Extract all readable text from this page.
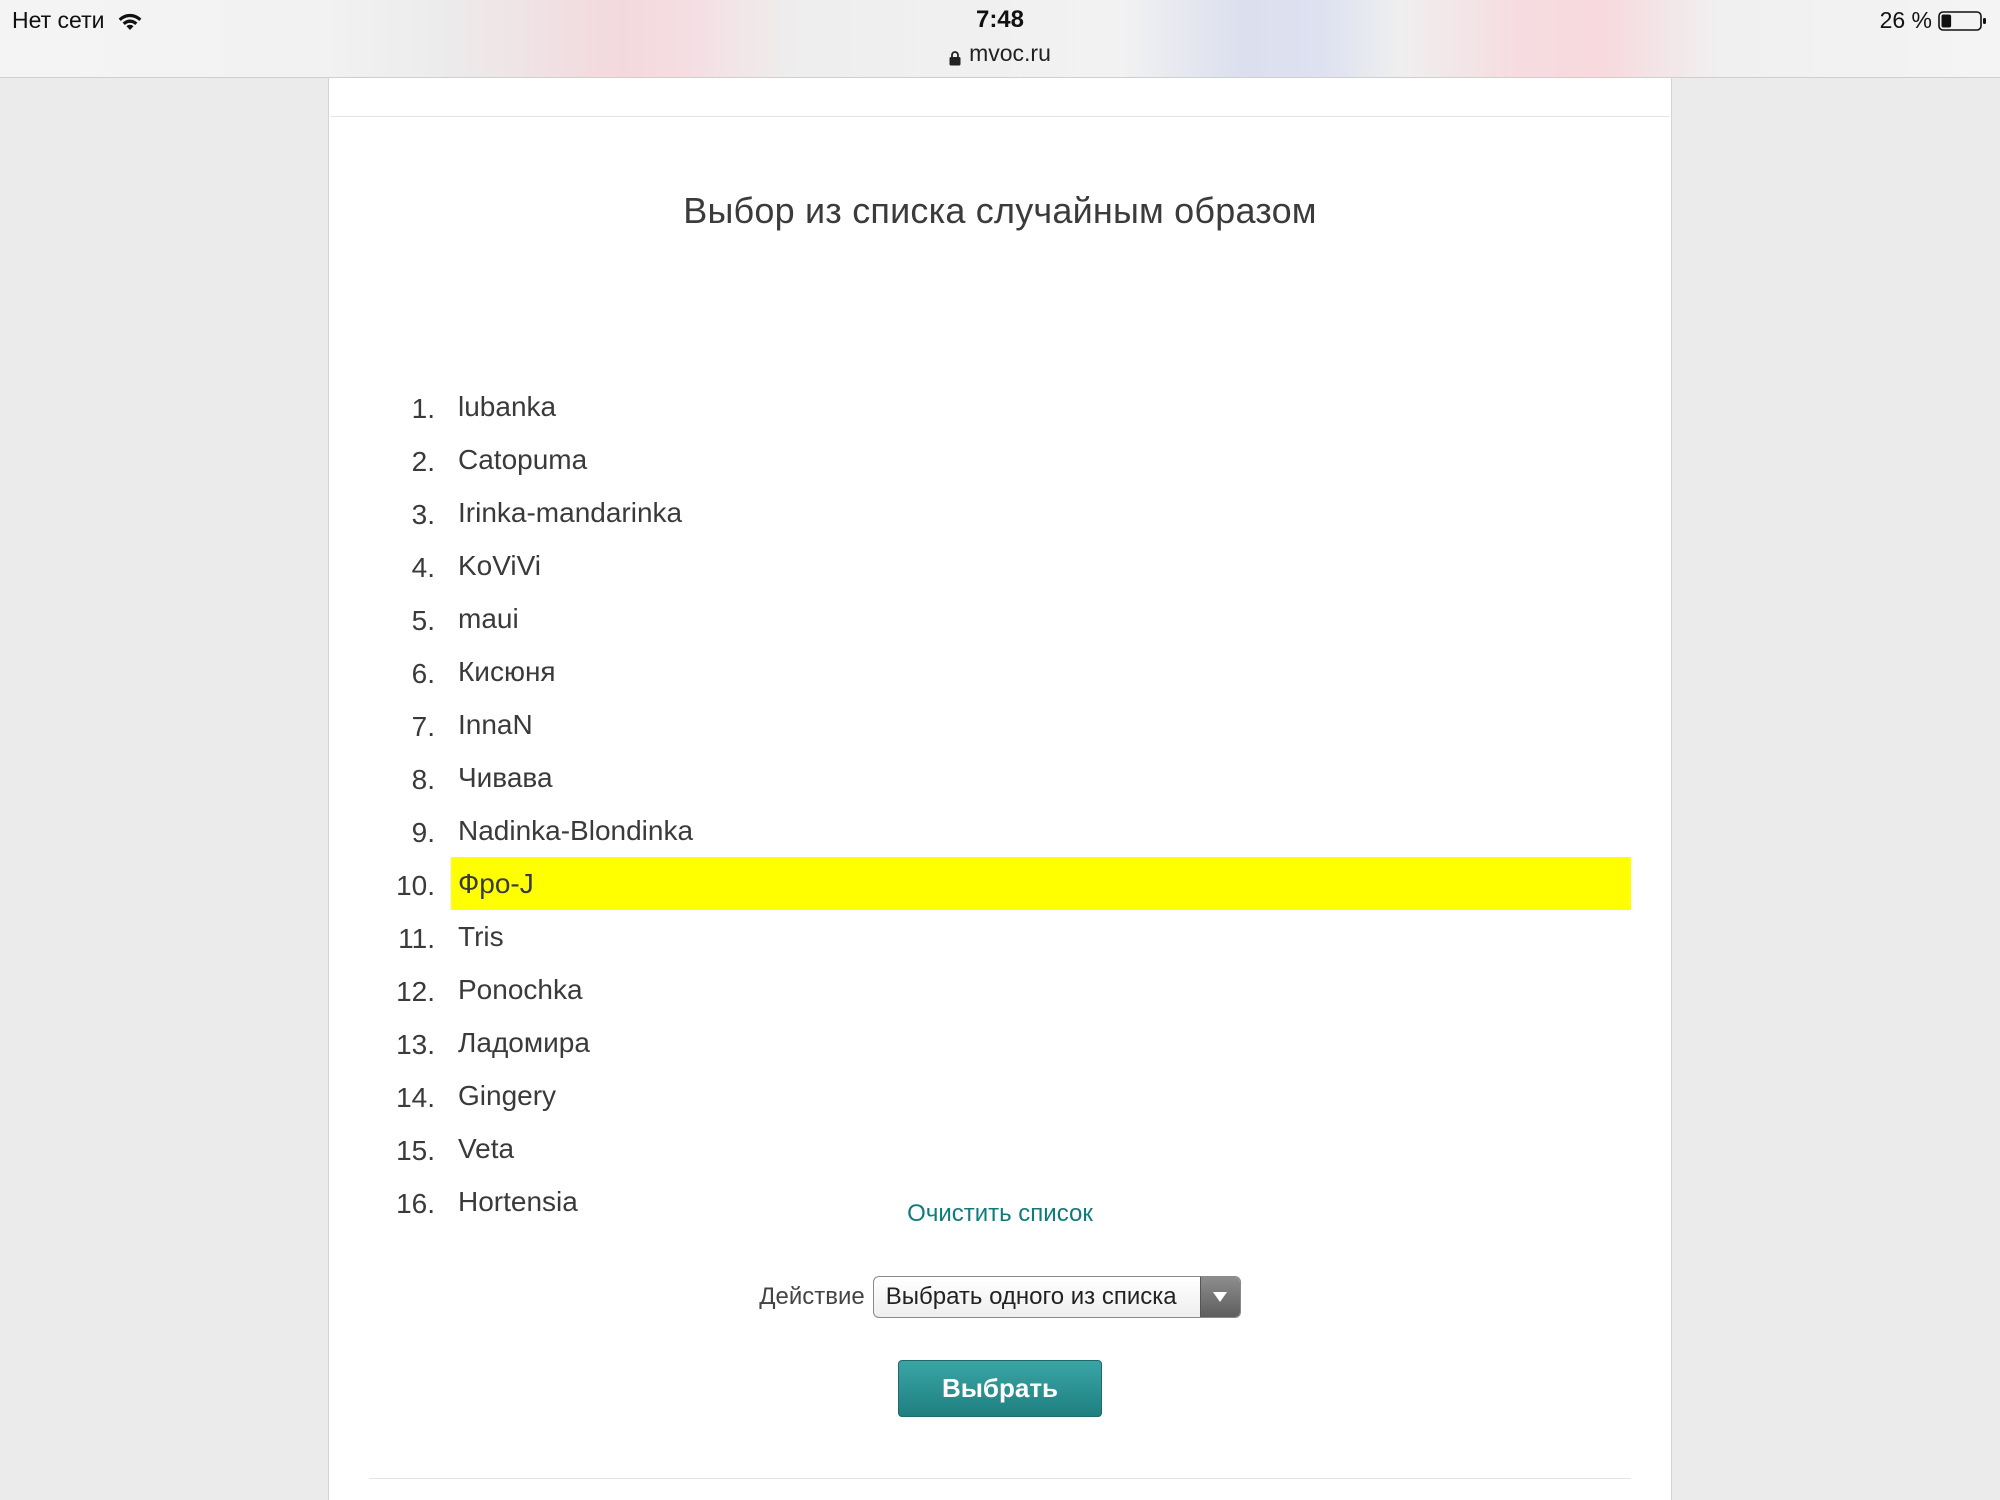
Нет сети	7:48
mvoc.ru
26 %
Выбор из списка случайным образом
1. lubanka
2. Catopuma
3. Irinka-mandarinka
4. KoViVi
5. maui
6. Кисюня
7. InnaN
8. Чивава
9. Nadinka-Blondinka
10. Фро-J
11. Tris
12. Ponochka
13. Ладомира
14. Gingery
15. Veta
16. Hortensia	Очистить список
Действие Выбрать одного из списка
Выбрать
